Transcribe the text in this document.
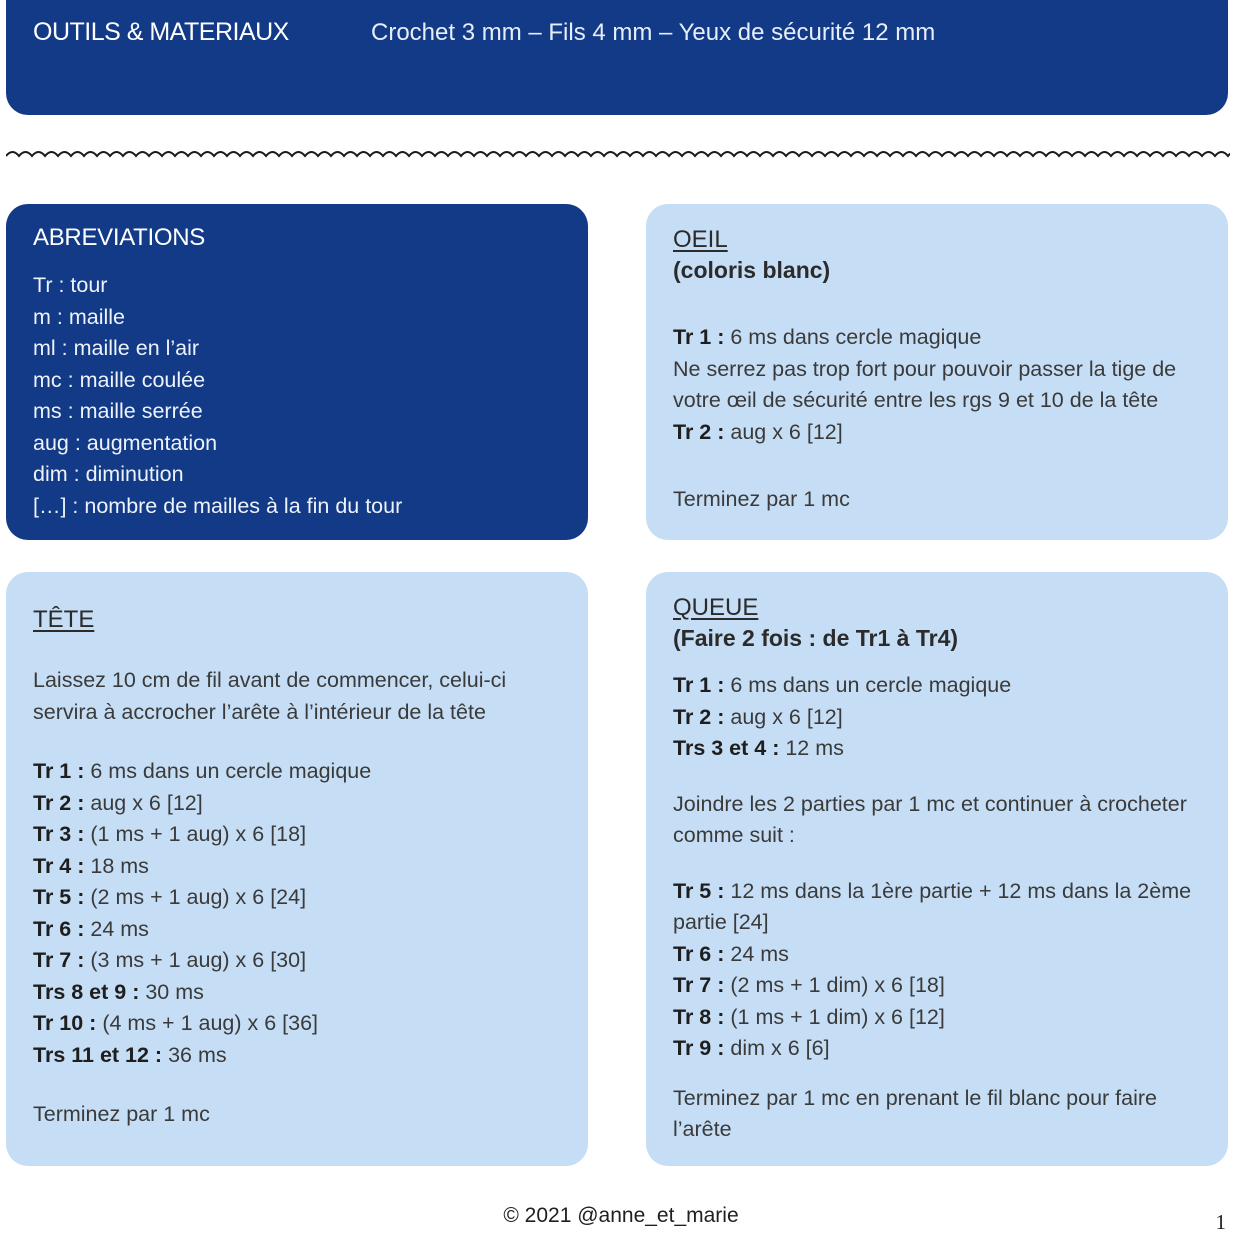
OUTILS & MATERIAUX	Crochet 3 mm – Fils 4 mm – Yeux de sécurité 12 mm
ABREVIATIONS
Tr : tour
m : maille
ml : maille en l’air
mc : maille coulée
ms : maille serrée
aug : augmentation
dim : diminution
[…] : nombre de mailles à la fin du tour
OEIL
(coloris blanc)
Tr 1 : 6 ms dans cercle magique
Ne serrez pas trop fort pour pouvoir passer la tige de votre œil de sécurité entre les rgs 9 et 10 de la tête
Tr 2 : aug x 6 [12]
Terminez par 1 mc
TÊTE
Laissez 10 cm de fil avant de commencer, celui-ci servira à accrocher l’arête à l’intérieur de la tête
Tr 1 : 6 ms dans un cercle magique
Tr 2 : aug x 6 [12]
Tr 3 : (1 ms + 1 aug) x 6 [18]
Tr 4 : 18 ms
Tr 5 : (2 ms + 1 aug) x 6 [24]
Tr 6 : 24 ms
Tr 7 : (3 ms + 1 aug) x 6 [30]
Trs 8 et 9 : 30 ms
Tr 10 : (4 ms + 1 aug) x 6 [36]
Trs 11 et 12 : 36 ms
Terminez par 1 mc
QUEUE
(Faire 2 fois : de Tr1 à Tr4)
Tr 1 : 6 ms dans un cercle magique
Tr 2 : aug x 6 [12]
Trs 3 et 4 : 12 ms
Joindre les 2 parties par 1 mc et continuer à crocheter comme suit :
Tr 5 : 12 ms dans la 1ère partie + 12 ms dans la 2ème partie [24]
Tr 6 : 24 ms
Tr 7 : (2 ms + 1 dim) x 6 [18]
Tr 8 : (1 ms + 1 dim) x 6 [12]
Tr 9 : dim x 6 [6]
Terminez par 1 mc en prenant le fil blanc pour faire l’arête
© 2021 @anne_et_marie	1
